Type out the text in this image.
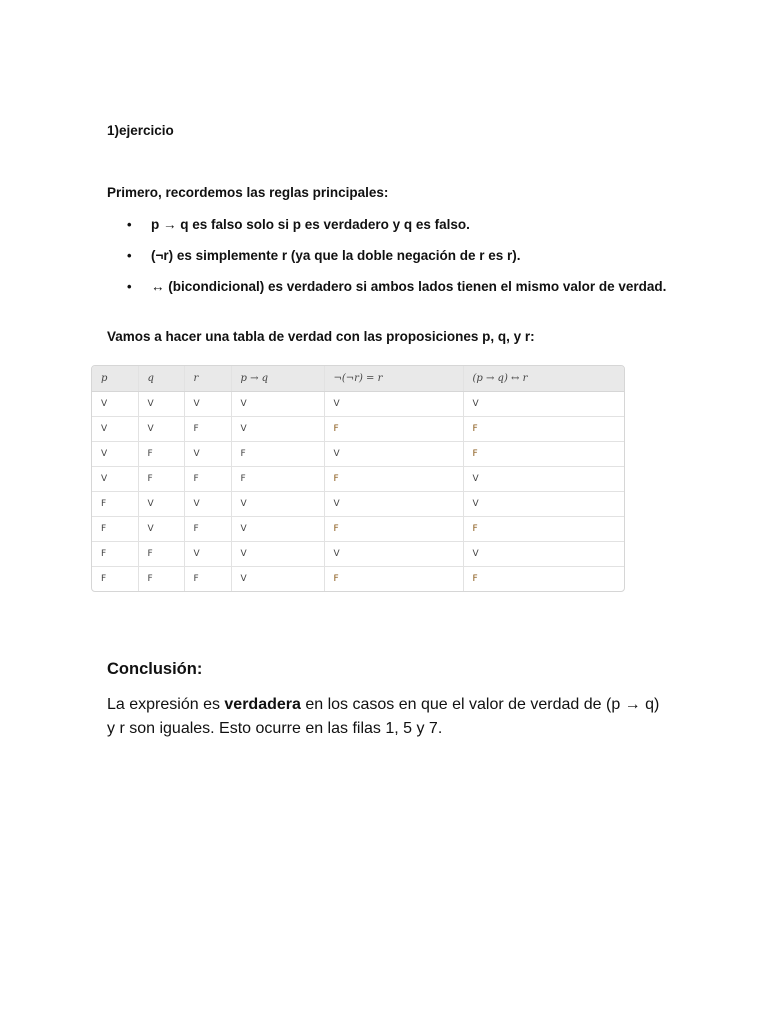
1)ejercicio
Primero, recordemos las reglas principales:
• p → q es falso solo si p es verdadero y q es falso.
• (¬r) es simplemente r (ya que la doble negación de r es r).
• ↔ (bicondicional) es verdadero si ambos lados tienen el mismo valor de verdad.
Vamos a hacer una tabla de verdad con las proposiciones p, q, y r:
p	q	r	p → q	¬(¬r) = r	(p → q) ↔ r
V	V	V	V	V	V
V	V	F	V	F	F
V	F	V	F	V	F
V	F	F	F	F	V
F	V	V	V	V	V
F	V	F	V	F	F
F	F	V	V	V	V
F	F	F	V	F	F
Conclusión:
La expresión es verdadera en los casos en que el valor de verdad de (p → q) y r son iguales. Esto ocurre en las filas 1, 5 y 7.
